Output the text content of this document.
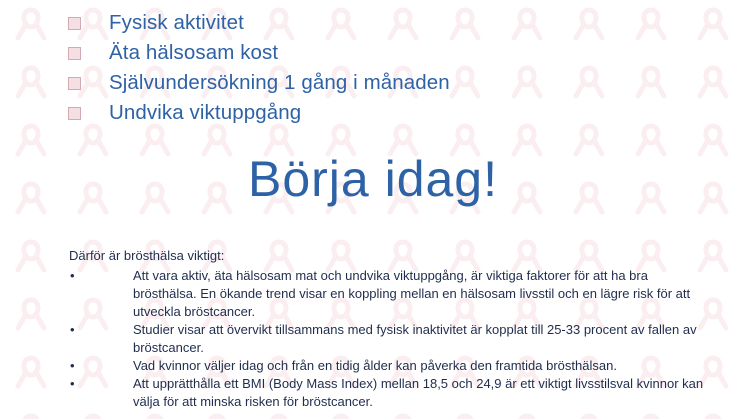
Fysisk aktivitet
Äta hälsosam kost
Självundersökning 1 gång i månaden
Undvika viktuppgång
Börja idag!

Därför är brösthälsa viktigt:

•	Att vara aktiv, äta hälsosam mat och undvika viktuppgång, är viktiga faktorer för att ha bra brösthälsa. En ökande trend visar en koppling mellan en hälsosam livsstil och en lägre risk för att utveckla bröstcancer.
•	Studier visar att övervikt tillsammans med fysisk inaktivitet är kopplat till 25-33 procent av fallen av bröstcancer.
•	Vad kvinnor väljer idag och från en tidig ålder kan påverka den framtida brösthälsan.
•	Att upprätthålla ett BMI (Body Mass Index) mellan 18,5 och 24,9 är ett viktigt livsstilsval kvinnor kan välja för att minska risken för bröstcancer.
